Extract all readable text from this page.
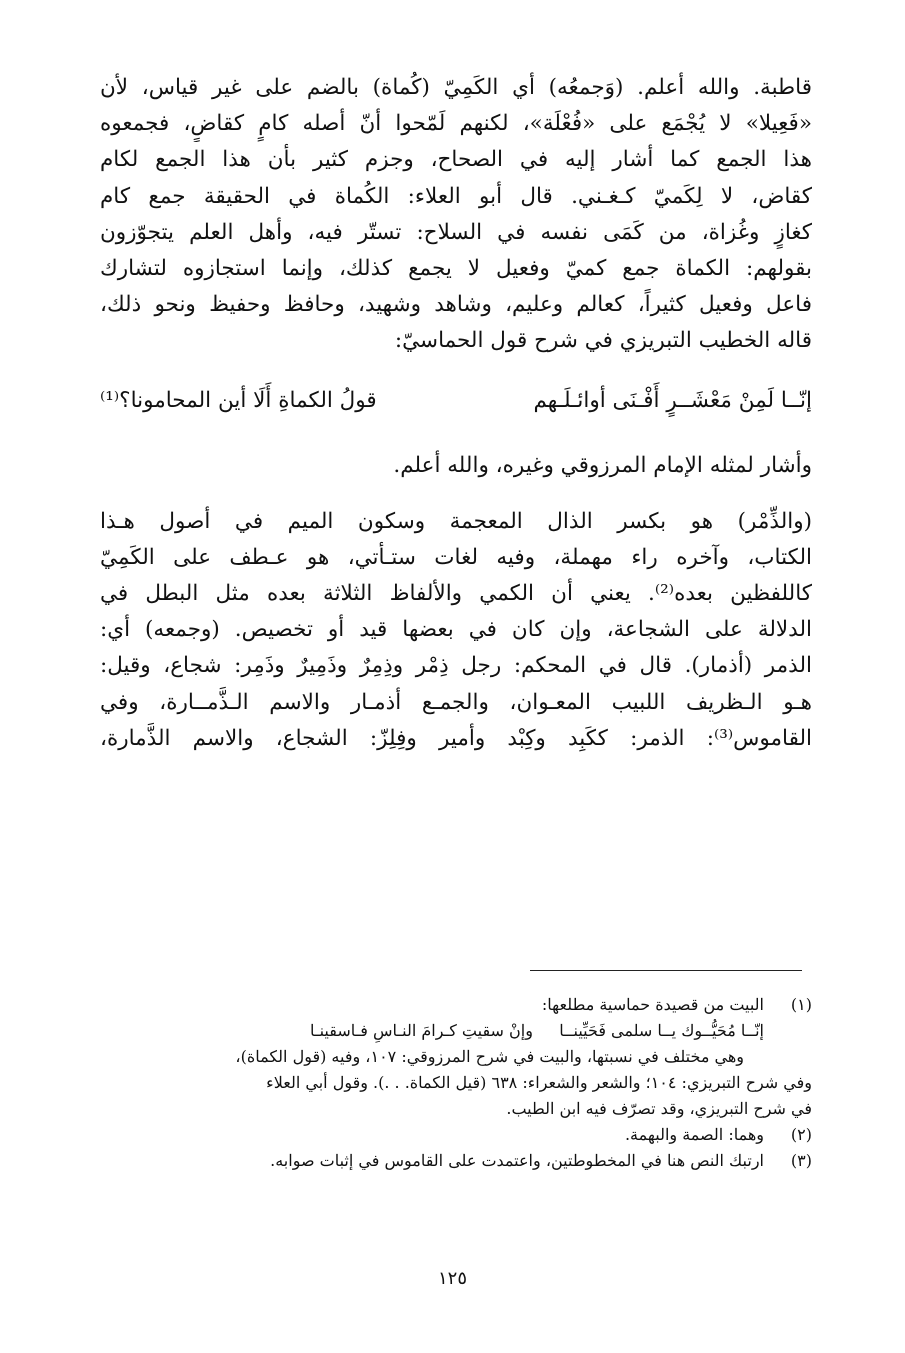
قاطبة. والله أعلم. (وَجمعُه) أي الكَمِيّ (كُماة) بالضم على غير قياس، لأن
«فَعِيلا» لا يُجْمَع على «فُعْلَة»، لكنهم لَمّحوا أنّ أصله كامٍ كقاضٍ، فجمعوه
هذا الجمع كما أشار إليه في الصحاح، وجزم كثير بأن هذا الجمع لكام
كقاض، لا لِكَميّ كـغـني. قال أبو العلاء: الكُماة في الحقيقة جمع كام
كغازٍ وغُزاة، من كَمَى نفسه في السلاح: تستّر فيه، وأهل العلم يتجوّزون
بقولهم: الكماة جمع كميّ وفعيل لا يجمع كذلك، وإنما استجازوه لتشارك
فاعل وفعيل كثيراً، كعالم وعليم، وشاهد وشهيد، وحافظ وحفيظ ونحو ذلك،
قاله الخطيب التبريزي في شرح قول الحماسيّ:

إنّــا لَمِنْ مَعْشَــرٍ أَفْـنَى أوائـلَـهم
قولُ الكماةِ أَلَا أين المحامونا؟⁽¹⁾
وأشار لمثله الإمام المرزوقي وغيره، والله أعلم.

(والذِّمْر) هو بكسر الذال المعجمة وسكون الميم في أصول هـذا
الكتاب، وآخره راء مهملة، وفيه لغات ستـأتي، هو عـطف على الكَمِيّ
كاللفظين بعده⁽²⁾. يعني أن الكمي والألفاظ الثلاثة بعده مثل البطل في
الدلالة على الشجاعة، وإن كان في بعضها قيد أو تخصيص. (وجمعه) أي:
الذمر (أذمار). قال في المحكم: رجل ذِمْر وذِمِرٌ وذَمِيرٌ وذَمِر: شجاع، وقيل:
هـو الـظريف اللبيب المعـوان، والجمـع أذمـار والاسم الـذَّمــارة، وفي
القاموس⁽³⁾: الذمر: ككَبِد وكِبْد وأمير وفِلِزّ: الشجاع، والاسم الذَّمارة،

(١)
البيت من قصيدة حماسية مطلعها:
إنّــا مُحَيُّــوك يــا سلمى فَحَيِّينــا
وإنْ سقيتِ كـرامَ النـاسِ فـاسقينـا
وهي مختلف في نسبتها، والبيت في شرح المرزوقي: ١٠٧، وفيه (قول الكماة)،
وفي شرح التبريزي: ١٠٤؛ والشعر والشعراء: ٦٣٨ (قيل الكماة. . .). وقول أبي العلاء
في شرح التبريزي، وقد تصرّف فيه ابن الطيب.
(٢)
وهما: الصمة والبهمة.
(٣)
ارتبك النص هنا في المخطوطتين، واعتمدت على القاموس في إثبات صوابه.
١٢٥
